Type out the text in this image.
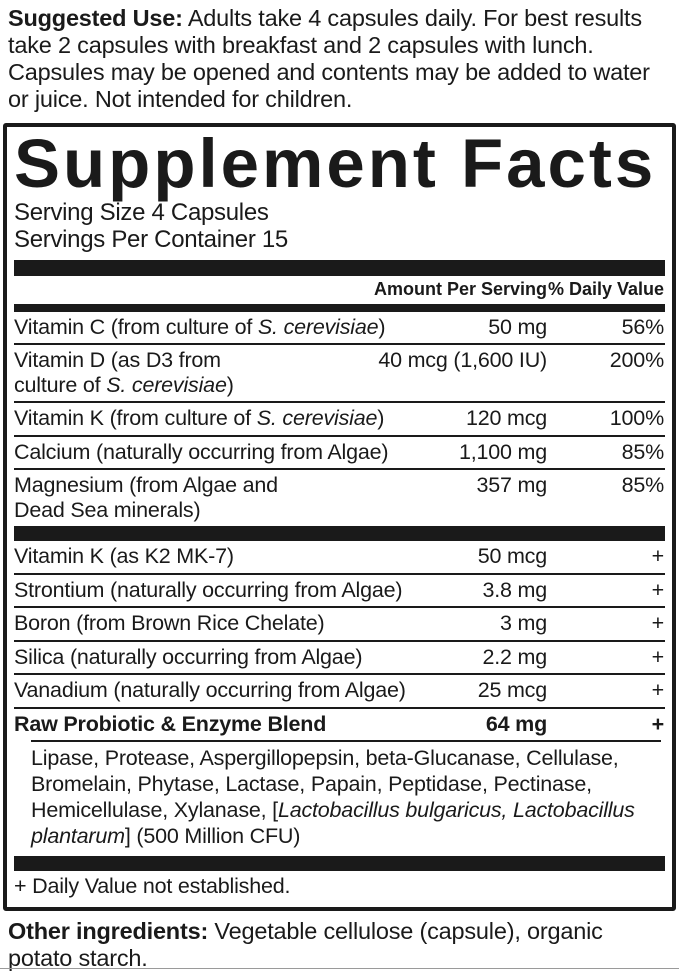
Suggested Use: Adults take 4 capsules daily. For best results take 2 capsules with breakfast and 2 capsules with lunch. Capsules may be opened and contents may be added to water or juice. Not intended for children.
Supplement Facts
Serving Size 4 Capsules
Servings Per Container 15
Amount Per Serving % Daily Value
Vitamin C (from culture of S. cerevisiae)	50 mg	56%
Vitamin D (as D3 from
culture of S. cerevisiae)
40 mcg (1,600 IU)	200%
Vitamin K (from culture of S. cerevisiae)	120 mcg	100%
Calcium (naturally occurring from Algae)	1,100 mg	85%
Magnesium (from Algae and
Dead Sea minerals)
357 mg	85%
Vitamin K (as K2 MK-7)	50 mcg	+
Strontium (naturally occurring from Algae)	3.8 mg	+
Boron (from Brown Rice Chelate)	3 mg	+
Silica (naturally occurring from Algae)	2.2 mg	+
Vanadium (naturally occurring from Algae)	25 mcg	+
Raw Probiotic & Enzyme Blend	64 mg	+
Lipase, Protease, Aspergillopepsin, beta-Glucanase, Cellulase, Bromelain, Phytase, Lactase, Papain, Peptidase, Pectinase, Hemicellulase, Xylanase, [Lactobacillus bulgaricus, Lactobacillus plantarum] (500 Million CFU)
+ Daily Value not established.
Other ingredients: Vegetable cellulose (capsule), organic potato starch.
